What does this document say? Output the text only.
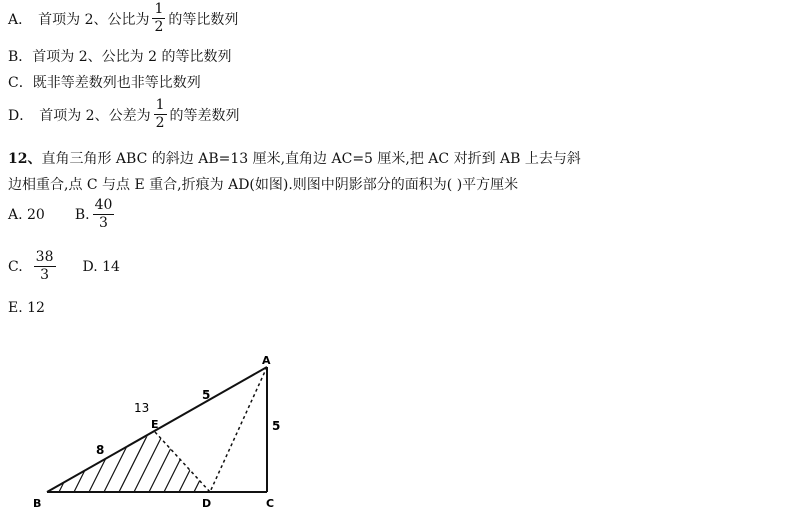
A． 首项为 2、公比为 $\frac{1}{2}$ 的等比数列
B．首项为 2、公比为 2 的等比数列
C．既非等差数列也非等比数列
D． 首项为 2、公差为 $\frac{1}{2}$ 的等差数列
12、 直角三角形 ABC 的斜边 AB=13 厘米,直角边 AC=5 厘米,把 AC 对折到 AB 上去与斜
边相重合,点 C 与点 E 重合,折痕为 AD(如图).则图中阴影部分的面积为( )平方厘米
A. 20 B. $\frac{40}{3}$
C. $\frac{38}{3} D$. 14
E. 12
A
B	C
D
E
13
5
8
5
